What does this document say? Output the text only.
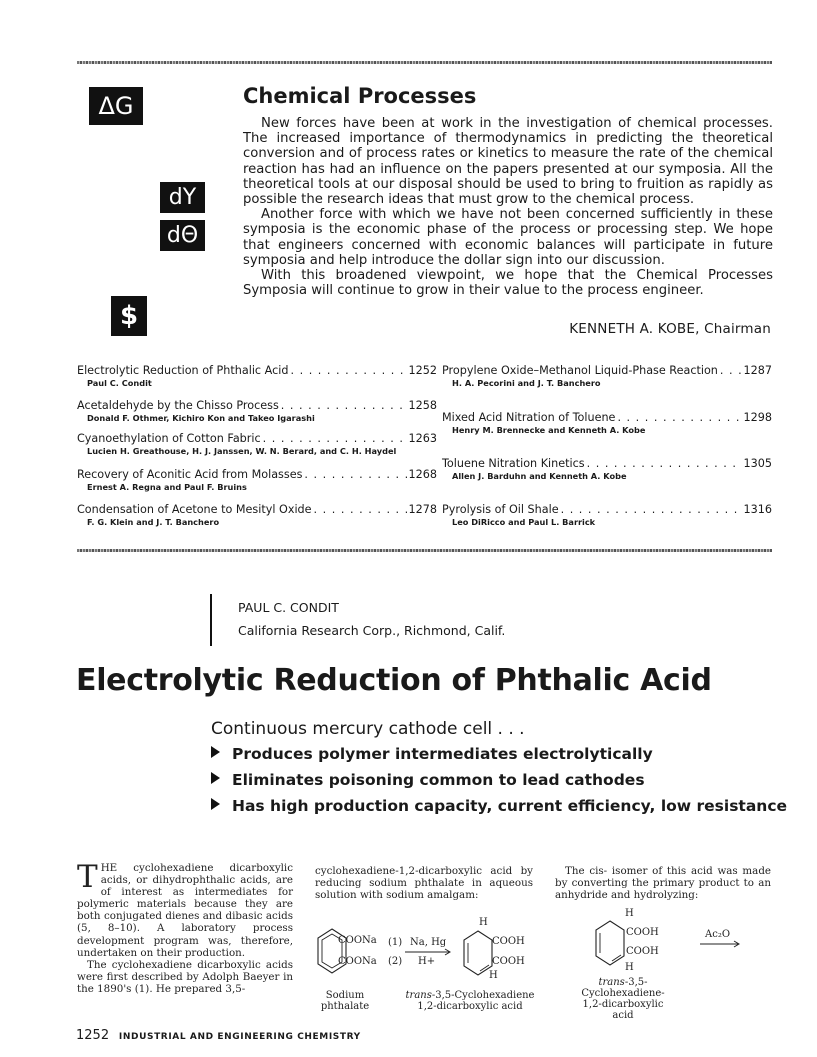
ΔG
dY
dΘ
$
Chemical Processes

New forces have been at work in the investigation of chemical processes. The increased importance of thermodynamics in predicting the theoretical conversion and of process rates or kinetics to measure the rate of the chemical reaction has had an influence on the papers presented at our symposia. All the theoretical tools at our disposal should be used to bring to fruition as rapidly as possible the research ideas that must grow to the chemical process.

Another force with which we have not been concerned sufficiently in these symposia is the economic phase of the process or processing step. We hope that engineers concerned with economic balances will participate in future symposia and help introduce the dollar sign into our discussion.

With this broadened viewpoint, we hope that the Chemical Processes Symposia will continue to grow in their value to the process engineer.

KENNETH A. KOBE, Chairman
Electrolytic Reduction of Phthalic Acid . . .	1252
Paul C. Condit
Acetaldehyde by the Chisso Process . . .	1258
Donald F. Othmer, Kichiro Kon and Takeo Igarashi
Cyanoethylation of Cotton Fabric . . .	1263
Lucien H. Greathouse, H. J. Janssen, W. N. Berard, and C. H. Haydel
Recovery of Aconitic Acid from Molasses . . .	1268
Ernest A. Regna and Paul F. Bruins
Condensation of Acetone to Mesityl Oxide . . .	1278
F. G. Klein and J. T. Banchero
Propylene Oxide–Methanol Liquid-Phase Reaction . . . 1287
H. A. Pecorini and J. T. Banchero
Mixed Acid Nitration of Toluene . . .	1298
Henry M. Brennecke and Kenneth A. Kobe
Toluene Nitration Kinetics . . .	1305
Allen J. Barduhn and Kenneth A. Kobe
Pyrolysis of Oil Shale . . .	1316
Leo DiRicco and Paul L. Barrick
PAUL C. CONDIT
California Research Corp., Richmond, Calif.
Electrolytic Reduction of Phthalic Acid
Continuous mercury cathode cell . . .
Produces polymer intermediates electrolytically
Eliminates poisoning common to lead cathodes
Has high production capacity, current efficiency, low resistance

THE cyclohexadiene dicarboxylic acids, or dihydrophthalic acids, are of interest as intermediates for polymeric materials because they are both conjugated dienes and dibasic acids (5, 8–10). A laboratory process development program was, therefore, undertaken on their production.

The cyclohexadiene dicarboxylic acids were first described by Adolph Baeyer in the 1890's (1). He prepared 3,5-

cyclohexadiene-1,2-dicarboxylic acid by reducing sodium phthalate in aqueous solution with sodium amalgam:

The cis- isomer of this acid was made by converting the primary product to an anhydride and hydrolyzing:

COONa
COONa
(1)
(2)
Na, Hg
H+
H
COOH
COOH
H
Sodium phthalate
trans-3,5-Cyclohexadiene 1,2-dicarboxylic acid
H
COOH
COOH
H
Ac₂O
trans-3,5-Cyclohexadiene-1,2-dicarboxylic acid
1252 INDUSTRIAL AND ENGINEERING CHEMISTRY
